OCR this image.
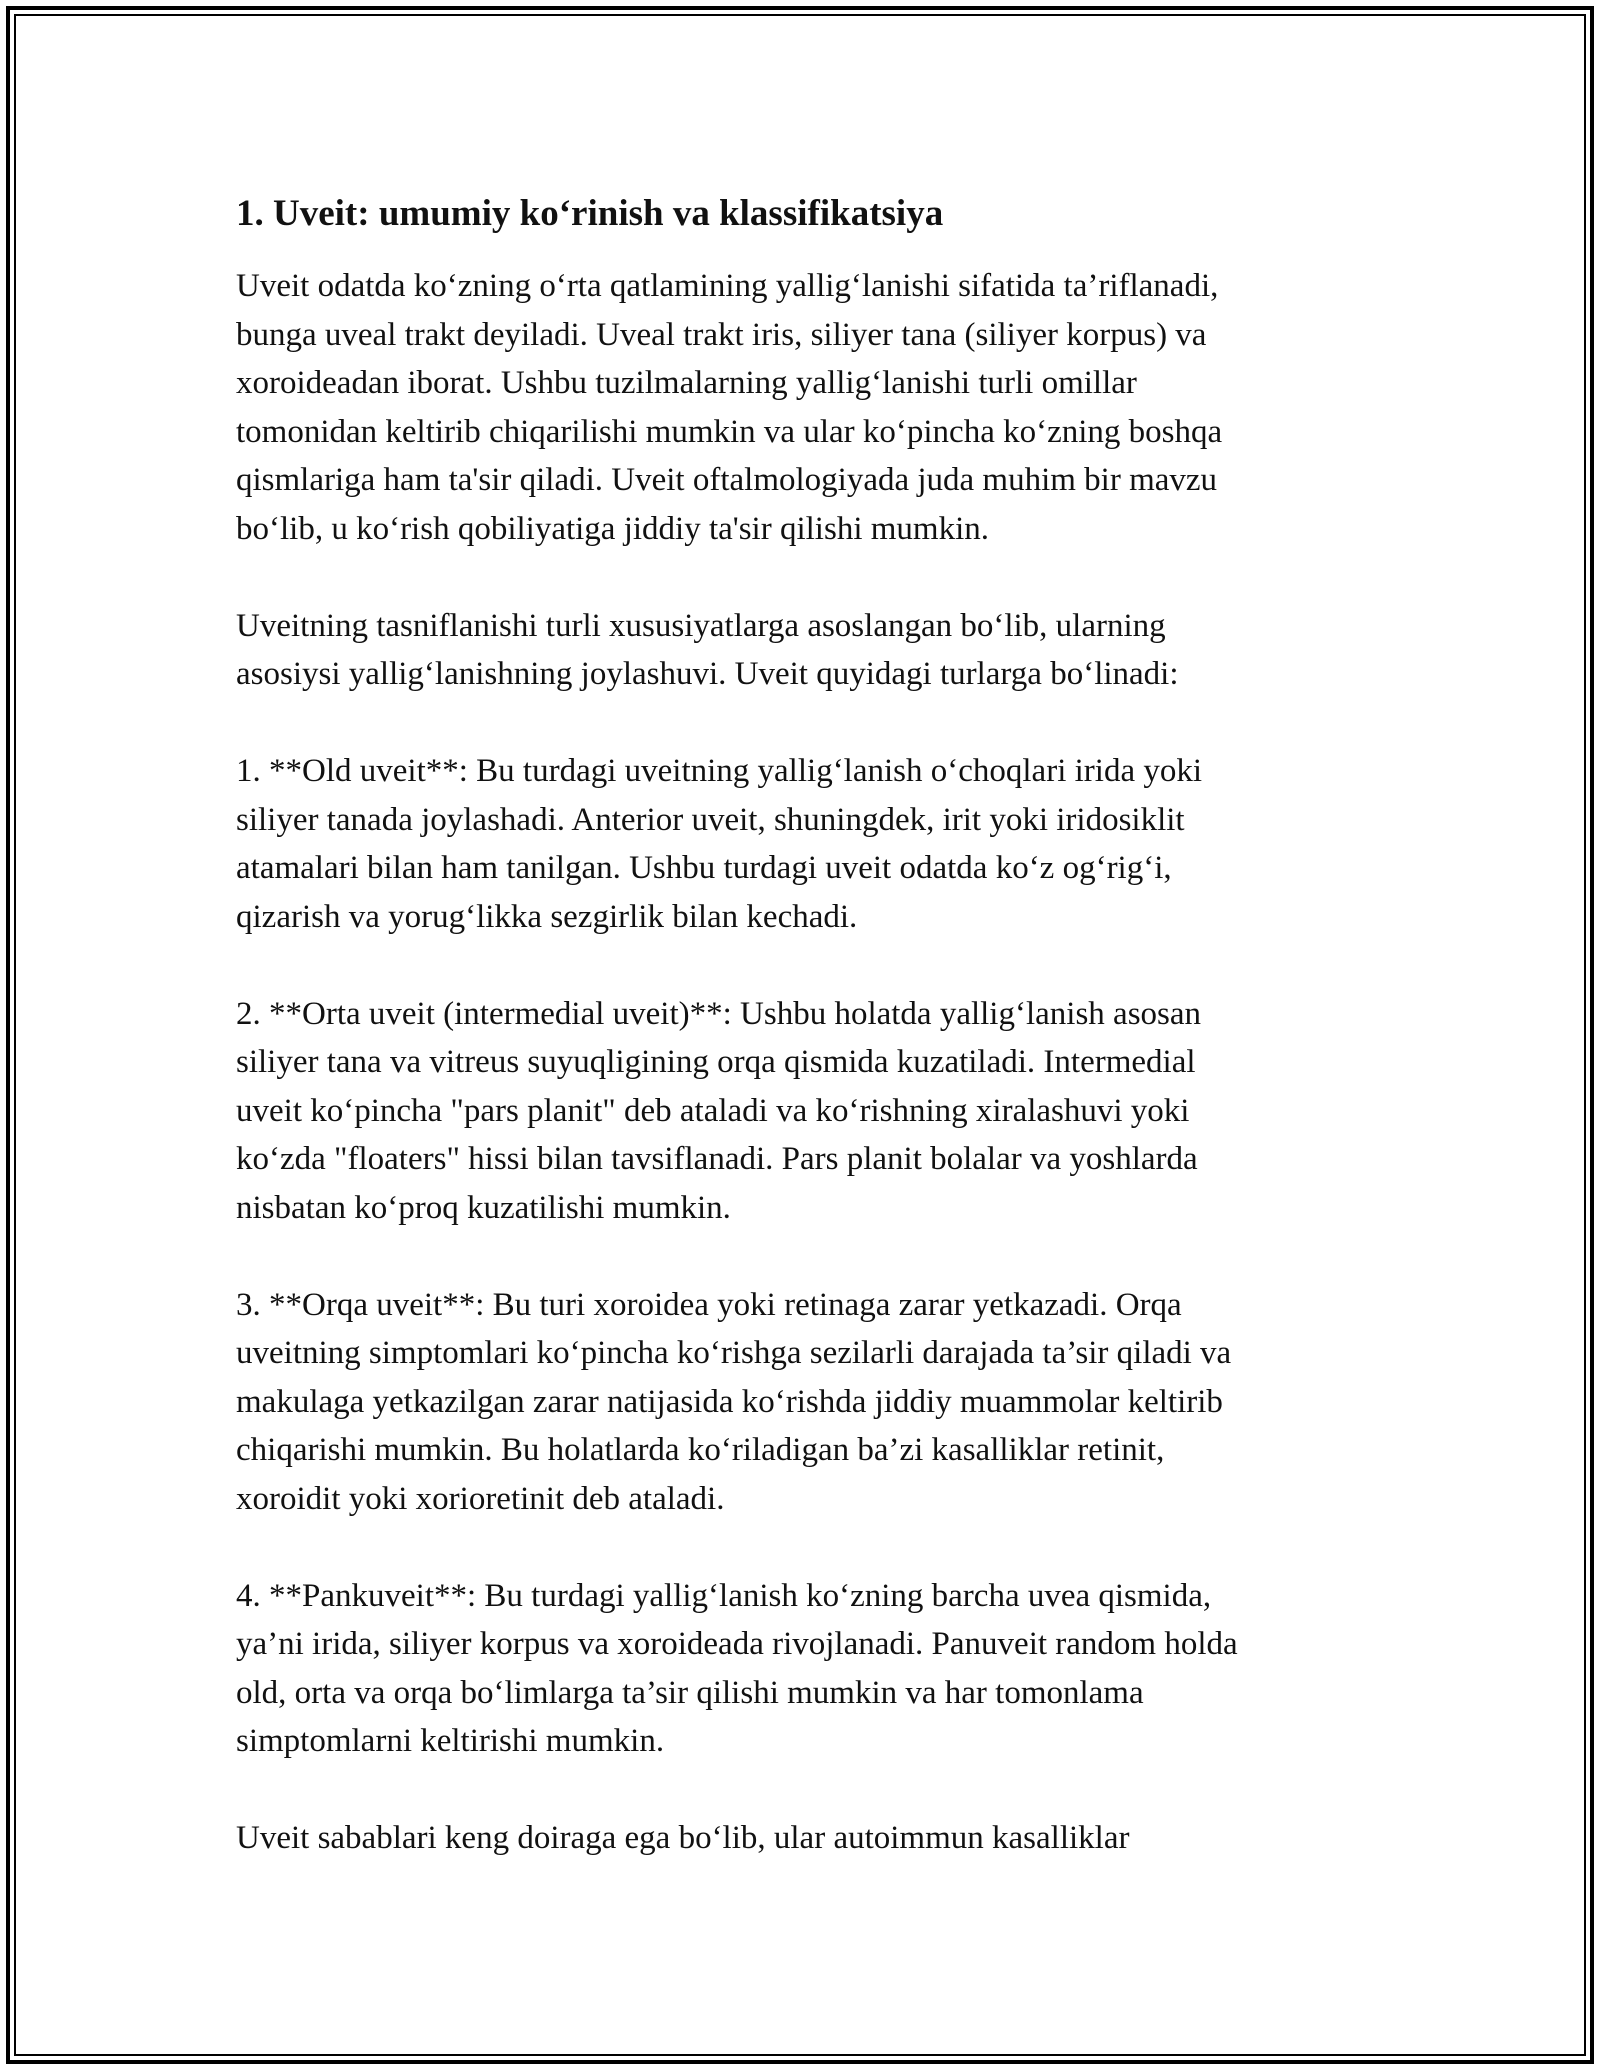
1. Uveit: umumiy ko‘rinish va klassifikatsiya
Uveit odatda ko‘zning o‘rta qatlamining yallig‘lanishi sifatida ta’riflanadi,
bunga uveal trakt deyiladi. Uveal trakt iris, siliyer tana (siliyer korpus) va
xoroideadan iborat. Ushbu tuzilmalarning yallig‘lanishi turli omillar
tomonidan keltirib chiqarilishi mumkin va ular ko‘pincha ko‘zning boshqa
qismlariga ham ta'sir qiladi. Uveit oftalmologiyada juda muhim bir mavzu
bo‘lib, u ko‘rish qobiliyatiga jiddiy ta'sir qilishi mumkin.
Uveitning tasniflanishi turli xususiyatlarga asoslangan bo‘lib, ularning
asosiysi yallig‘lanishning joylashuvi. Uveit quyidagi turlarga bo‘linadi:
1. **Old uveit**: Bu turdagi uveitning yallig‘lanish o‘choqlari irida yoki
siliyer tanada joylashadi. Anterior uveit, shuningdek, irit yoki iridosiklit
atamalari bilan ham tanilgan. Ushbu turdagi uveit odatda ko‘z og‘rig‘i,
qizarish va yorug‘likka sezgirlik bilan kechadi.
2. **Orta uveit (intermedial uveit)**: Ushbu holatda yallig‘lanish asosan
siliyer tana va vitreus suyuqligining orqa qismida kuzatiladi. Intermedial
uveit ko‘pincha "pars planit" deb ataladi va ko‘rishning xiralashuvi yoki
ko‘zda "floaters" hissi bilan tavsiflanadi. Pars planit bolalar va yoshlarda
nisbatan ko‘proq kuzatilishi mumkin.
3. **Orqa uveit**: Bu turi xoroidea yoki retinaga zarar yetkazadi. Orqa
uveitning simptomlari ko‘pincha ko‘rishga sezilarli darajada ta’sir qiladi va
makulaga yetkazilgan zarar natijasida ko‘rishda jiddiy muammolar keltirib
chiqarishi mumkin. Bu holatlarda ko‘riladigan ba’zi kasalliklar retinit,
xoroidit yoki xorioretinit deb ataladi.
4. **Pankuveit**: Bu turdagi yallig‘lanish ko‘zning barcha uvea qismida,
ya’ni irida, siliyer korpus va xoroideada rivojlanadi. Panuveit random holda
old, orta va orqa bo‘limlarga ta’sir qilishi mumkin va har tomonlama
simptomlarni keltirishi mumkin.
Uveit sabablari keng doiraga ega bo‘lib, ular autoimmun kasalliklar
